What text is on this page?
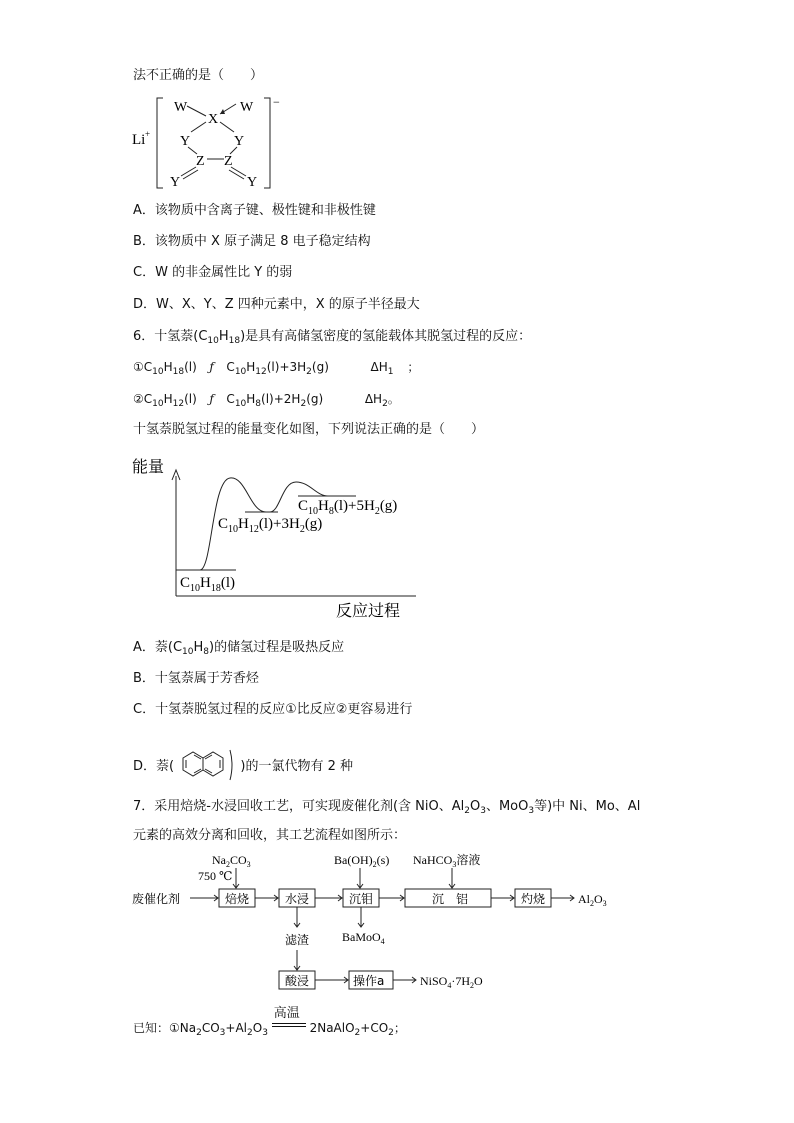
法不正确的是（　　）
Li +
−
W	W
X
Y	Y
Z Z
Y	Y
A．该物质中含离子键、极性键和非极性键
B．该物质中 X 原子满足 8 电子稳定结构
C．W 的非金属性比 Y 的弱
D．W、X、Y、Z 四种元素中，X 的原子半径最大
6．十氢萘$(C_{10}H_{18})$是具有高储氢密度的氢能载体其脱氢过程的反应：
$①C_{10}H_{18}(l)$ ƒ $C_{10}H_{12}(l)+3H_2(g)$	$\Delta H_1$ ；
$②C_{10}H_{12}(l)$ ƒ $C_{10}H_8(l)+2H_2(g)$	$\Delta H_2$。
十氢萘脱氢过程的能量变化如图，下列说法正确的是（　　）
能量
反应过程
$C_{10}H_{18}(l)$
$C_{10}H_{12}(l)+3H_2(g)$
$C_{10}H_8(l)+5H_2(g)$
A．萘$(C_{10}H_8)$的储氢过程是吸热反应
B．十氢萘属于芳香烃
C．十氢萘脱氢过程的反应①比反应②更容易进行
D．萘(	)的一氯代物有 2 种
7．采用焙烧-水浸回收工艺，可实现废催化剂(含 NiO、$Al_2O_3$、MoO$_3$等)中 Ni、Mo、Al
元素的高效分离和回收，其工艺流程如图所示：
废催化剂
$Na_2CO_3$
750 ℃
焙烧	水浸
$Ba(OH)_2(s)$
沉钼
BaMoO$_4$
NaHCO$_3$溶液
沉　铝	灼烧	$Al_2O_3$
滤渣
酸浸	操作a	$NiSO_4\cdot 7H_2O$
已知：$①Na_2CO_3+Al_2O_3$
高温
$2NaAlO_2+CO_2$；
